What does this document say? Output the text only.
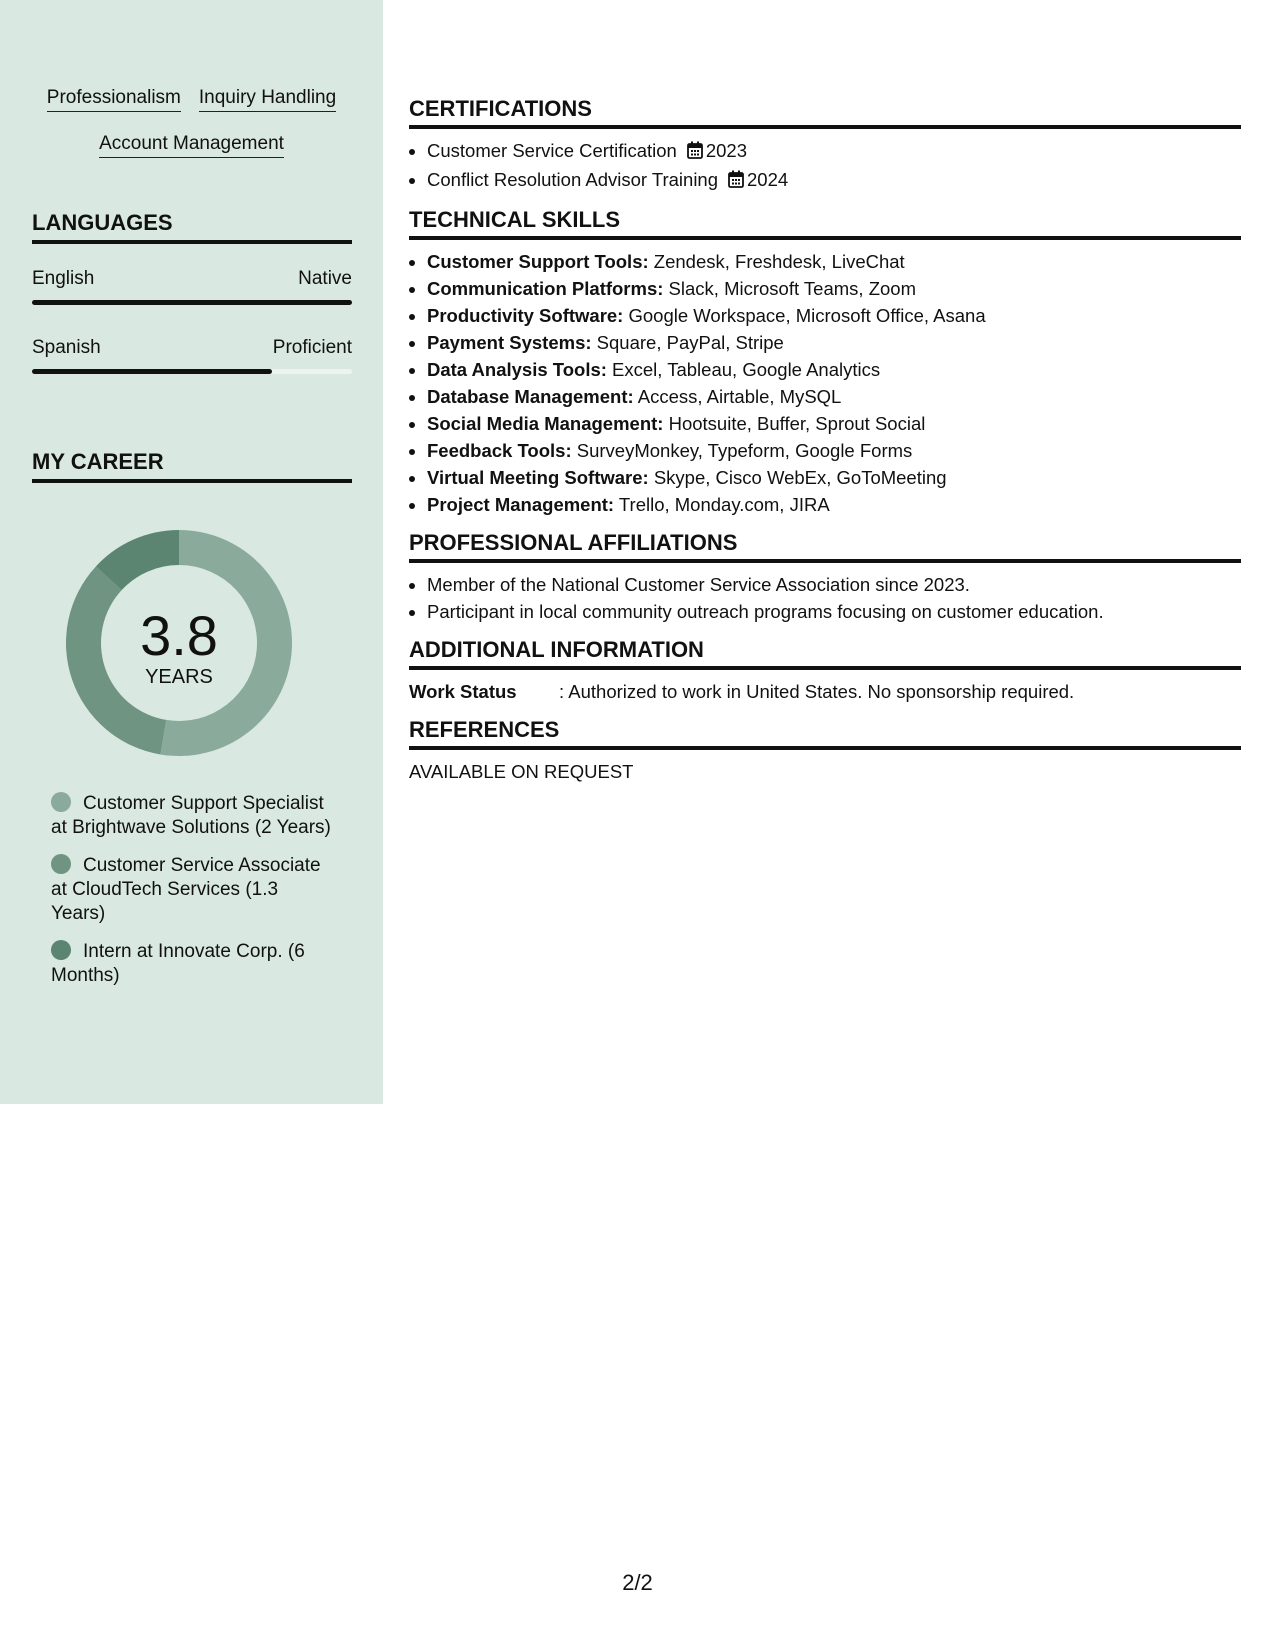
Professionalism Inquiry Handling
Account Management
LANGUAGES
English	Native
Spanish	Proficient
MY CAREER
3.8
YEARS
Customer Support Specialist at Brightwave Solutions (2 Years)
Customer Service Associate at CloudTech Services (1.3 Years)
Intern at Innovate Corp. (6 Months)
CERTIFICATIONS
• Customer Service Certification 2023
• Conflict Resolution Advisor Training 2024
TECHNICAL SKILLS
• Customer Support Tools: Zendesk, Freshdesk, LiveChat
• Communication Platforms: Slack, Microsoft Teams, Zoom
• Productivity Software: Google Workspace, Microsoft Office, Asana
• Payment Systems: Square, PayPal, Stripe
• Data Analysis Tools: Excel, Tableau, Google Analytics
• Database Management: Access, Airtable, MySQL
• Social Media Management: Hootsuite, Buffer, Sprout Social
• Feedback Tools: SurveyMonkey, Typeform, Google Forms
• Virtual Meeting Software: Skype, Cisco WebEx, GoToMeeting
• Project Management: Trello, Monday.com, JIRA
PROFESSIONAL AFFILIATIONS
• Member of the National Customer Service Association since 2023.
• Participant in local community outreach programs focusing on customer education.
ADDITIONAL INFORMATION
Work Status	: Authorized to work in United States. No sponsorship required.
REFERENCES
AVAILABLE ON REQUEST
2/2
